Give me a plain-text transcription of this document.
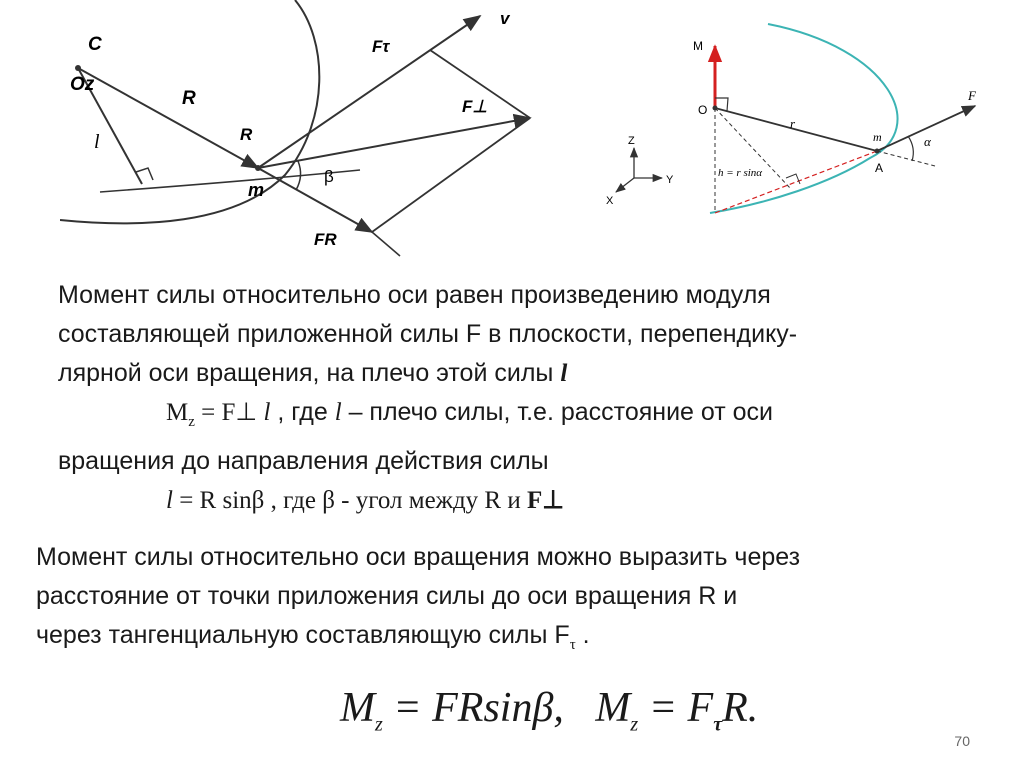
C
Oz
R
R
l
m
β
Fτ
F⊥
FR
v
M
O
r
m
A
F
α
h = r sinα
Z
Y
X

Момент силы относительно оси равен произведению модуля

составляющей приложенной силы F в плоскости, перепендику-

лярной оси вращения, на плечо этой силы l

$M_z$ = F⊥ l , где l – плечо силы, т.е. расстояние от оси

вращения до направления действия силы

l = R sinβ , где β - угол между R и F⊥

Момент силы относительно оси вращения можно выразить через

расстояние от точки приложения силы до оси вращения R и

через тангенциальную составляющую силы $F_\tau$ .

$M_z = FRsin\beta$,   $M_z = F_\tau R$.
70
